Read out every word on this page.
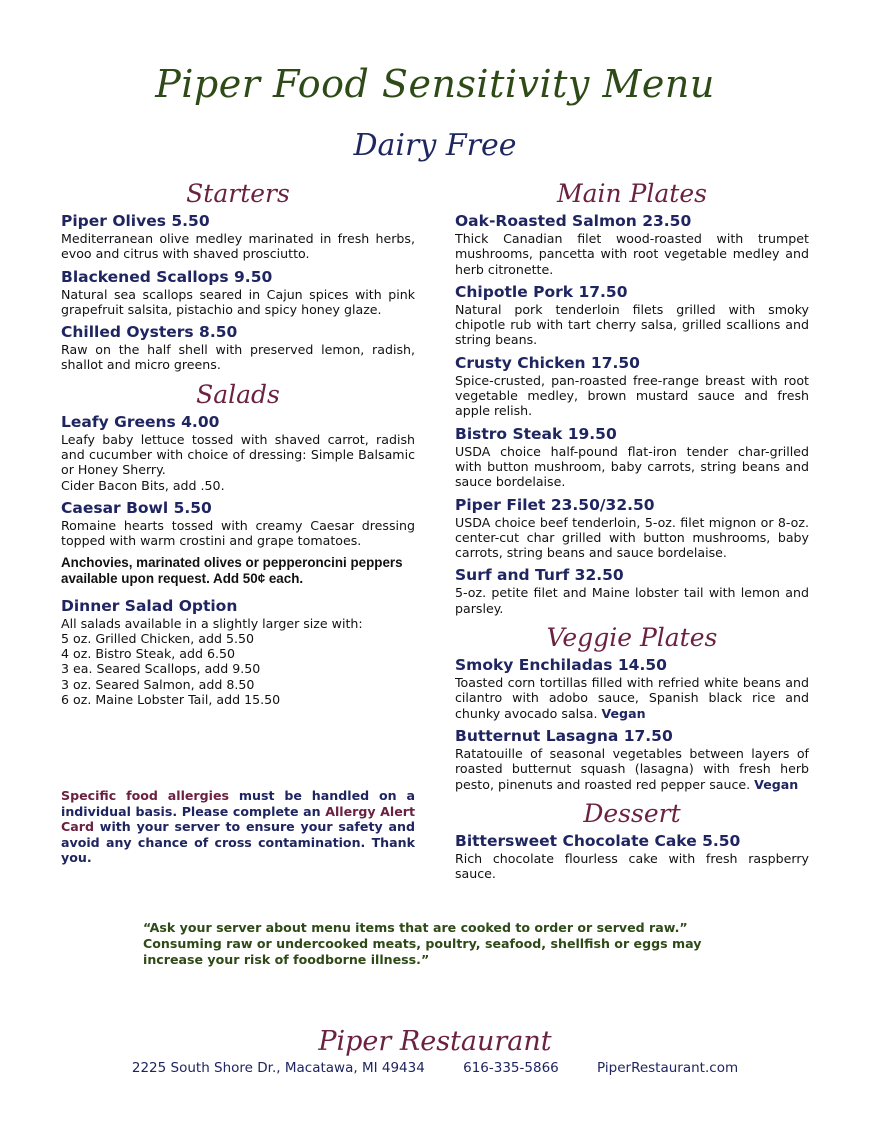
Piper Food Sensitivity Menu
Dairy Free
Starters
Piper Olives 5.50
Mediterranean olive medley marinated in fresh herbs, evoo and citrus with shaved prosciutto.
Blackened Scallops 9.50
Natural sea scallops seared in Cajun spices with pink grapefruit salsita, pistachio and spicy honey glaze.
Chilled Oysters 8.50
Raw on the half shell with preserved lemon, radish, shallot and micro greens.
Salads
Leafy Greens 4.00
Leafy baby lettuce tossed with shaved carrot, radish and cucumber with choice of dressing: Simple Balsamic or Honey Sherry.
Cider Bacon Bits, add .50.
Caesar Bowl 5.50
Romaine hearts tossed with creamy Caesar dressing topped with warm crostini and grape tomatoes.
Anchovies, marinated olives or pepperoncini peppers available upon request. Add 50¢ each.
Dinner Salad Option
All salads available in a slightly larger size with:
5 oz. Grilled Chicken, add 5.50
4 oz. Bistro Steak, add 6.50
3 ea. Seared Scallops, add 9.50
3 oz. Seared Salmon, add 8.50
6 oz. Maine Lobster Tail, add 15.50
Specific food allergies must be handled on a individual basis. Please complete an Allergy Alert Card with your server to ensure your safety and avoid any chance of cross contamination. Thank you.
Main Plates
Oak-Roasted Salmon 23.50
Thick Canadian filet wood-roasted with trumpet mushrooms, pancetta with root vegetable medley and herb citronette.
Chipotle Pork 17.50
Natural pork tenderloin filets grilled with smoky chipotle rub with tart cherry salsa, grilled scallions and string beans.
Crusty Chicken 17.50
Spice-crusted, pan-roasted free-range breast with root vegetable medley, brown mustard sauce and fresh apple relish.
Bistro Steak 19.50
USDA choice half-pound flat-iron tender char-grilled with button mushroom, baby carrots, string beans and sauce bordelaise.
Piper Filet 23.50/32.50
USDA choice beef tenderloin, 5-oz. filet mignon or 8-oz. center-cut char grilled with button mushrooms, baby carrots, string beans and sauce bordelaise.
Surf and Turf 32.50
5-oz. petite filet and Maine lobster tail with lemon and parsley.
Veggie Plates
Smoky Enchiladas 14.50
Toasted corn tortillas filled with refried white beans and cilantro with adobo sauce, Spanish black rice and chunky avocado salsa. Vegan
Butternut Lasagna 17.50
Ratatouille of seasonal vegetables between layers of roasted butternut squash (lasagna) with fresh herb pesto, pinenuts and roasted red pepper sauce. Vegan
Dessert
Bittersweet Chocolate Cake 5.50
Rich chocolate flourless cake with fresh raspberry sauce.
“Ask your server about menu items that are cooked to order or served raw.”
Consuming raw or undercooked meats, poultry, seafood, shellfish or eggs may
increase your risk of foodborne illness.”
Piper Restaurant
2225 South Shore Dr., Macatawa, MI 49434	616-335-5866	PiperRestaurant.com
